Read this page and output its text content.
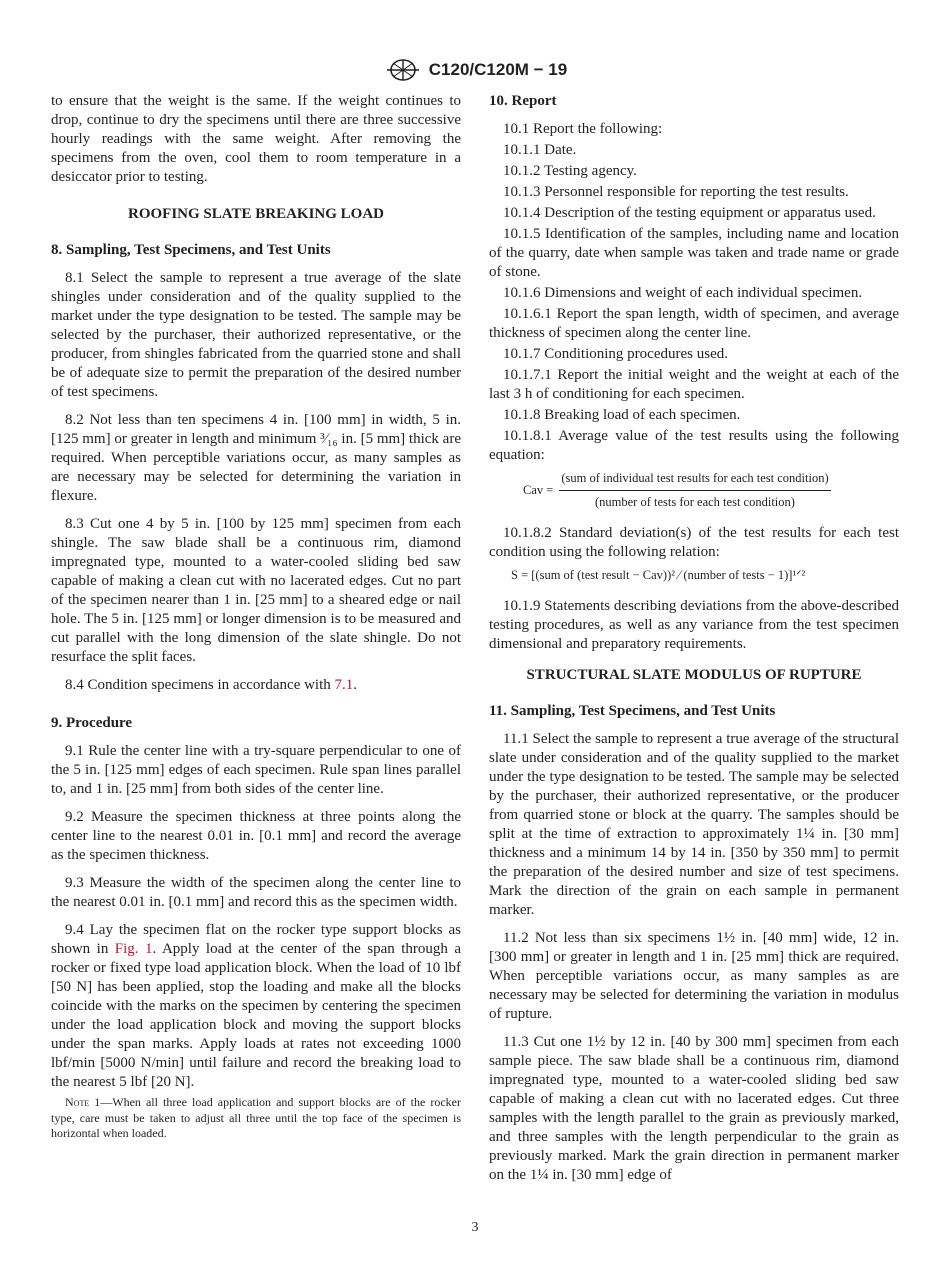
C120/C120M − 19

to ensure that the weight is the same. If the weight continues to drop, continue to dry the specimens until there are three successive hourly readings with the same weight. After removing the specimens from the oven, cool them to room temperature in a desiccator prior to testing.

ROOFING SLATE BREAKING LOAD

8. Sampling, Test Specimens, and Test Units

8.1 Select the sample to represent a true average of the slate shingles under consideration and of the quality supplied to the market under the type designation to be tested. The sample may be selected by the purchaser, their authorized representative, or the producer, from shingles fabricated from the quarried stone and shall be of adequate size to permit the preparation of the desired number of test specimens.

8.2 Not less than ten specimens 4 in. [100 mm] in width, 5 in. [125 mm] or greater in length and minimum ³⁄₁₆ in. [5 mm] thick are required. When perceptible variations occur, as many samples as are necessary may be selected for determining the variation in flexure.

8.3 Cut one 4 by 5 in. [100 by 125 mm] specimen from each shingle. The saw blade shall be a continuous rim, diamond impregnated type, mounted to a water-cooled sliding bed saw capable of making a clean cut with no lacerated edges. Cut no part of the specimen nearer than 1 in. [25 mm] to a sheared edge or nail hole. The 5 in. [125 mm] or longer dimension is to be measured and cut parallel with the long dimension of the slate shingle. Do not resurface the split faces.

8.4 Condition specimens in accordance with 7.1.

9. Procedure

9.1 Rule the center line with a try-square perpendicular to one of the 5 in. [125 mm] edges of each specimen. Rule span lines parallel to, and 1 in. [25 mm] from both sides of the center line.

9.2 Measure the specimen thickness at three points along the center line to the nearest 0.01 in. [0.1 mm] and record the average as the specimen thickness.

9.3 Measure the width of the specimen along the center line to the nearest 0.01 in. [0.1 mm] and record this as the specimen width.

9.4 Lay the specimen flat on the rocker type support blocks as shown in Fig. 1. Apply load at the center of the span through a rocker or fixed type load application block. When the load of 10 lbf [50 N] has been applied, stop the loading and make all the blocks coincide with the marks on the specimen by centering the specimen under the load application block and moving the support blocks under the span marks. Apply loads at rates not exceeding 1000 lbf/min [5000 N/min] until failure and record the breaking load to the nearest 5 lbf [20 N].

Note 1—When all three load application and support blocks are of the rocker type, care must be taken to adjust all three until the top face of the specimen is horizontal when loaded.

10. Report

10.1 Report the following:

10.1.1 Date.

10.1.2 Testing agency.

10.1.3 Personnel responsible for reporting the test results.

10.1.4 Description of the testing equipment or apparatus used.

10.1.5 Identification of the samples, including name and location of the quarry, date when sample was taken and trade name or grade of stone.

10.1.6 Dimensions and weight of each individual specimen.

10.1.6.1 Report the span length, width of specimen, and average thickness of specimen along the center line.

10.1.7 Conditioning procedures used.

10.1.7.1 Report the initial weight and the weight at each of the last 3 h of conditioning for each specimen.

10.1.8 Breaking load of each specimen.

10.1.8.1 Average value of the test results using the following equation:

Cav = $\frac{\text{(sum of individual test results for each test condition)}}{\text{(number of tests for each test condition)}}$

10.1.8.2 Standard deviation(s) of the test results for each test condition using the following relation:

S = [(sum of (test result − Cav))² ⁄ (number of tests − 1)]¹ᐟ²

10.1.9 Statements describing deviations from the above-described testing procedures, as well as any variance from the test specimen dimensional and preparatory requirements.

STRUCTURAL SLATE MODULUS OF RUPTURE

11. Sampling, Test Specimens, and Test Units

11.1 Select the sample to represent a true average of the structural slate under consideration and of the quality supplied to the market under the type designation to be tested. The sample may be selected by the purchaser, their authorized representative, or the producer from quarried stone or block at the quarry. The samples should be split at the time of extraction to approximately 1¼ in. [30 mm] thickness and a minimum 14 by 14 in. [350 by 350 mm] to permit the preparation of the desired number and size of test specimens. Mark the direction of the grain on each sample in permanent marker.

11.2 Not less than six specimens 1½ in. [40 mm] wide, 12 in. [300 mm] or greater in length and 1 in. [25 mm] thick are required. When perceptible variations occur, as many samples as are necessary may be selected for determining the variation in modulus of rupture.

11.3 Cut one 1½ by 12 in. [40 by 300 mm] specimen from each sample piece. The saw blade shall be a continuous rim, diamond impregnated type, mounted to a water-cooled sliding bed saw capable of making a clean cut with no lacerated edges. Cut three samples with the length parallel to the grain as previously marked, and three samples with the length perpendicular to the grain as previously marked. Mark the grain direction in permanent marker on the 1¼ in. [30 mm] edge of

3
